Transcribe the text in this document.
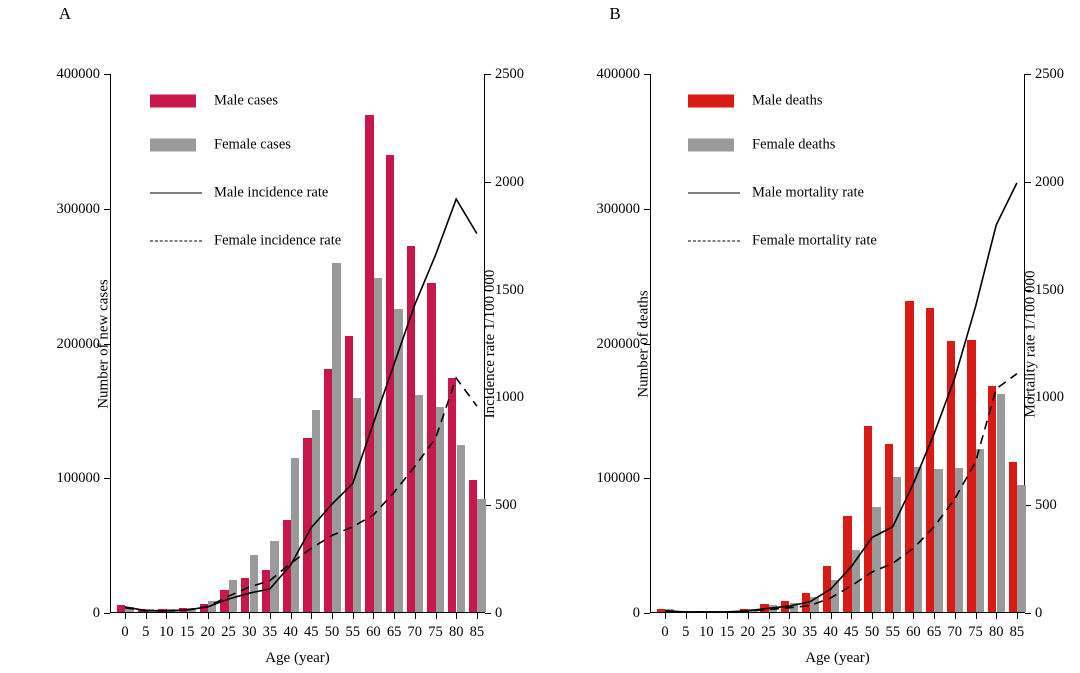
A
0
100000
200000
300000
400000
0
500
1000
1500
2000
2500
0 5 10 15 20 25 30 35 40 45 50 55 60 65 70 75 80 85
Number of new cases	Incidence rate 1/100 000
Age (year)
Male cases
Female cases
Male incidence rate
Female incidence rate
B
0
100000
200000
300000
400000
0
500
1000
1500
2000
2500
0 5 10 15 20 25 30 35 40 45 50 55 60 65 70 75 80 85
Number of deaths	Mortality rate 1/100 000
Age (year)
Male deaths
Female deaths
Male mortality rate
Female mortality rate
